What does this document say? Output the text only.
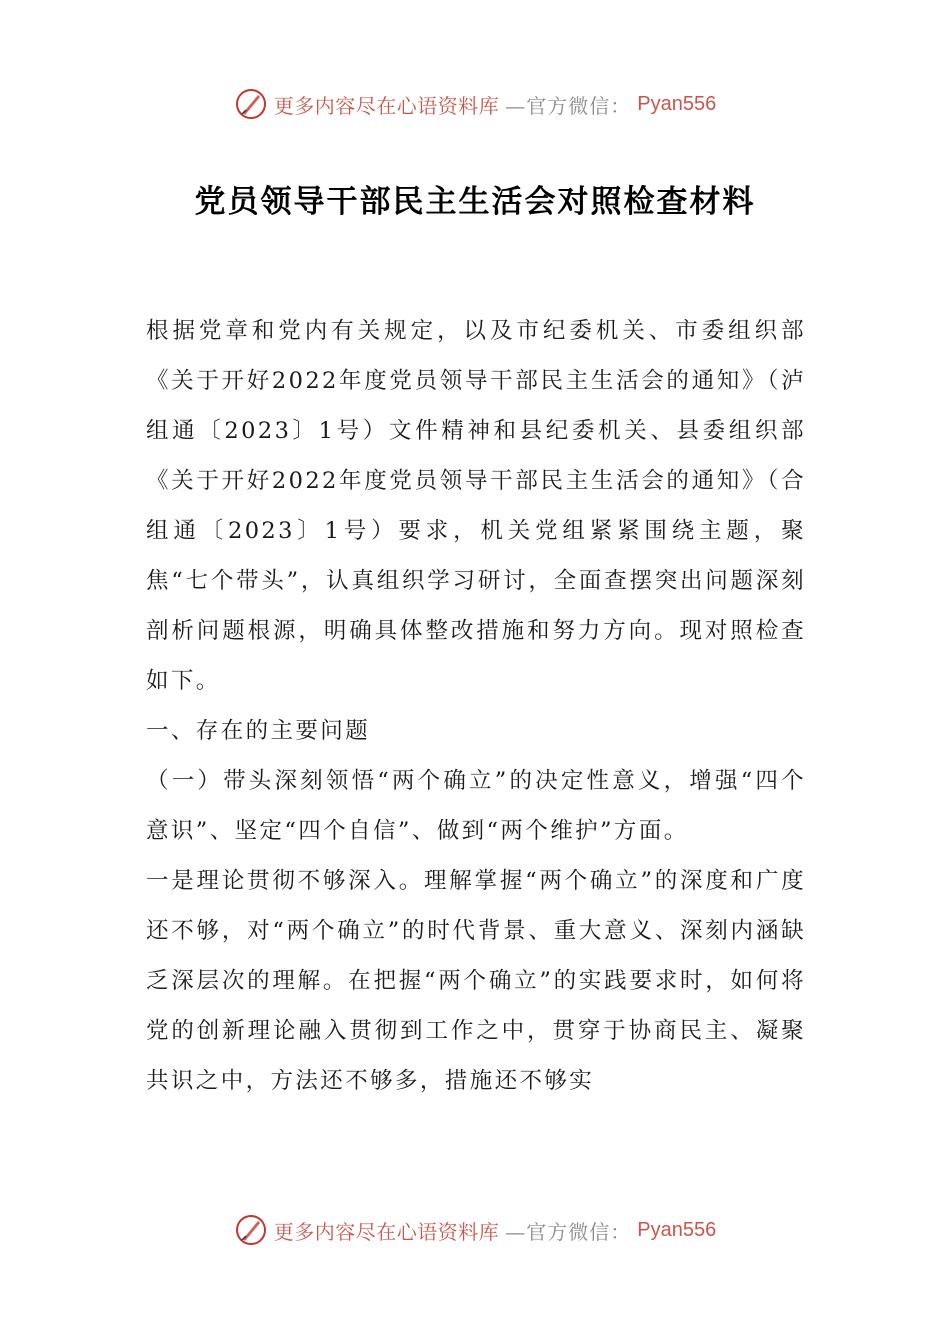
更多内容尽在心语资料库 —官方微信： Pyan556
党员领导干部民主生活会对照检查材料

根据党章和党内有关规定，以及市纪委机关、市委组织部《关于开好2022年度党员领导干部民主生活会的通知》（泸组通〔2023〕1号）文件精神和县纪委机关、县委组织部《关于开好2022年度党员领导干部民主生活会的通知》（合组通〔2023〕1号）要求，机关党组紧紧围绕主题，聚焦“七个带头”，认真组织学习研讨，全面查摆突出问题深刻剖析问题根源，明确具体整改措施和努力方向。现对照检查如下。

一、存在的主要问题

（一）带头深刻领悟“两个确立”的决定性意义，增强“四个意识”、坚定“四个自信”、做到“两个维护”方面。

一是理论贯彻不够深入。理解掌握“两个确立”的深度和广度还不够，对“两个确立”的时代背景、重大意义、深刻内涵缺乏深层次的理解。在把握“两个确立”的实践要求时，如何将党的创新理论融入贯彻到工作之中，贯穿于协商民主、凝聚共识之中，方法还不够多，措施还不够实

更多内容尽在心语资料库 —官方微信： Pyan556
